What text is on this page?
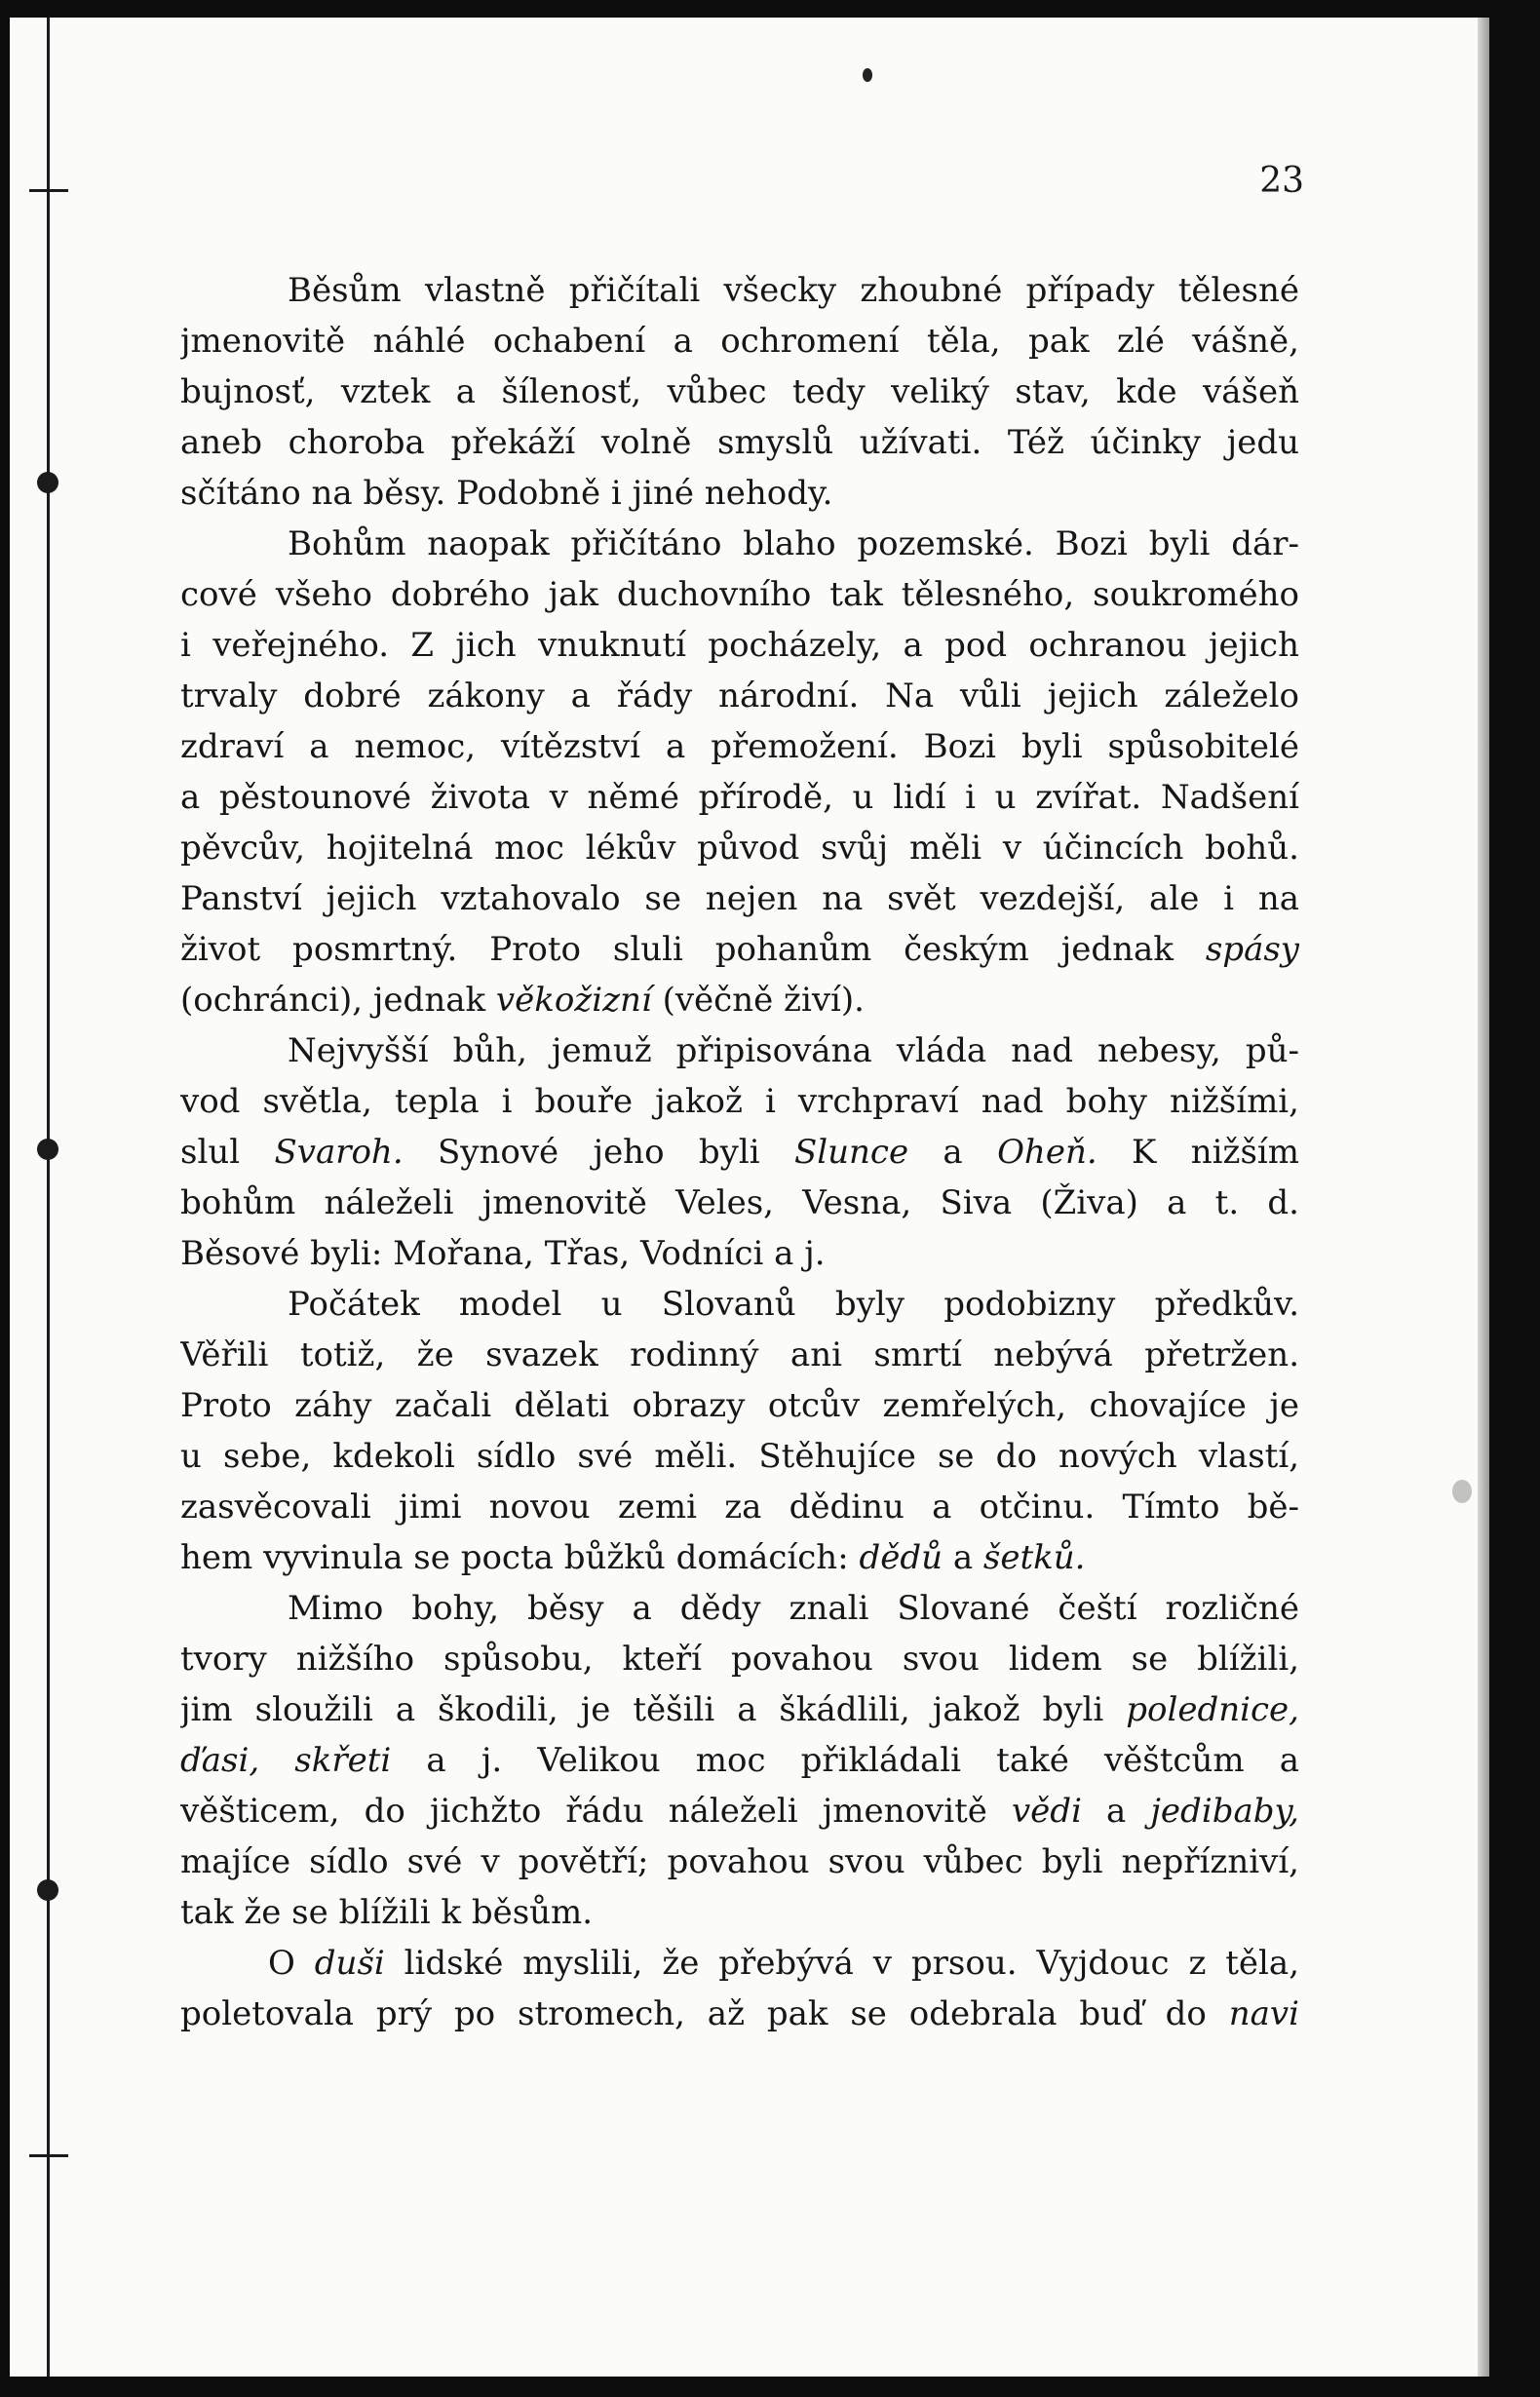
23
Běsům vlastně přičítali všecky zhoubné případy tělesné
jmenovitě náhlé ochabení a ochromení těla, pak zlé vášně,
bujnosť, vztek a šílenosť, vůbec tedy veliký stav, kde vášeň
aneb choroba překáží volně smyslů užívati. Též účinky jedu
sčítáno na běsy. Podobně i jiné nehody.
Bohům naopak přičítáno blaho pozemské. Bozi byli dár-
cové všeho dobrého jak duchovního tak tělesného, soukromého
i veřejného. Z jich vnuknutí pocházely, a pod ochranou jejich
trvaly dobré zákony a řády národní. Na vůli jejich záleželo
zdraví a nemoc, vítězství a přemožení. Bozi byli spůsobitelé
a pěstounové života v němé přírodě, u lidí i u zvířat. Nadšení
pěvcův, hojitelná moc lékův původ svůj měli v účincích bohů.
Panství jejich vztahovalo se nejen na svět vezdejší, ale i na
život posmrtný. Proto sluli pohanům českým jednak spásy
(ochránci), jednak věkožizní (věčně živí).
Nejvyšší bůh, jemuž připisována vláda nad nebesy, pů-
vod světla, tepla i bouře jakož i vrchpraví nad bohy nižšími,
slul Svaroh. Synové jeho byli Slunce a Oheň. K nižším
bohům náleželi jmenovitě Veles, Vesna, Siva (Živa) a t. d.
Běsové byli: Mořana, Třas, Vodníci a j.
Počátek model u Slovanů byly podobizny předkův.
Věřili totiž, že svazek rodinný ani smrtí nebývá přetržen.
Proto záhy začali dělati obrazy otcův zemřelých, chovajíce je
u sebe, kdekoli sídlo své měli. Stěhujíce se do nových vlastí,
zasvěcovali jimi novou zemi za dědinu a otčinu. Tímto bě-
hem vyvinula se pocta bůžků domácích: dědů a šetků.
Mimo bohy, běsy a dědy znali Slované čeští rozličné
tvory nižšího spůsobu, kteří povahou svou lidem se blížili,
jim sloužili a škodili, je těšili a škádlili, jakož byli polednice,
ďasi, skřeti a j. Velikou moc přikládali také věštcům a
věšticem, do jichžto řádu náleželi jmenovitě vědi a jedibaby,
majíce sídlo své v povětří; povahou svou vůbec byli nepřízniví,
tak že se blížili k běsům.
O duši lidské myslili, že přebývá v prsou. Vyjdouc z těla,
poletovala prý po stromech, až pak se odebrala buď do navi
